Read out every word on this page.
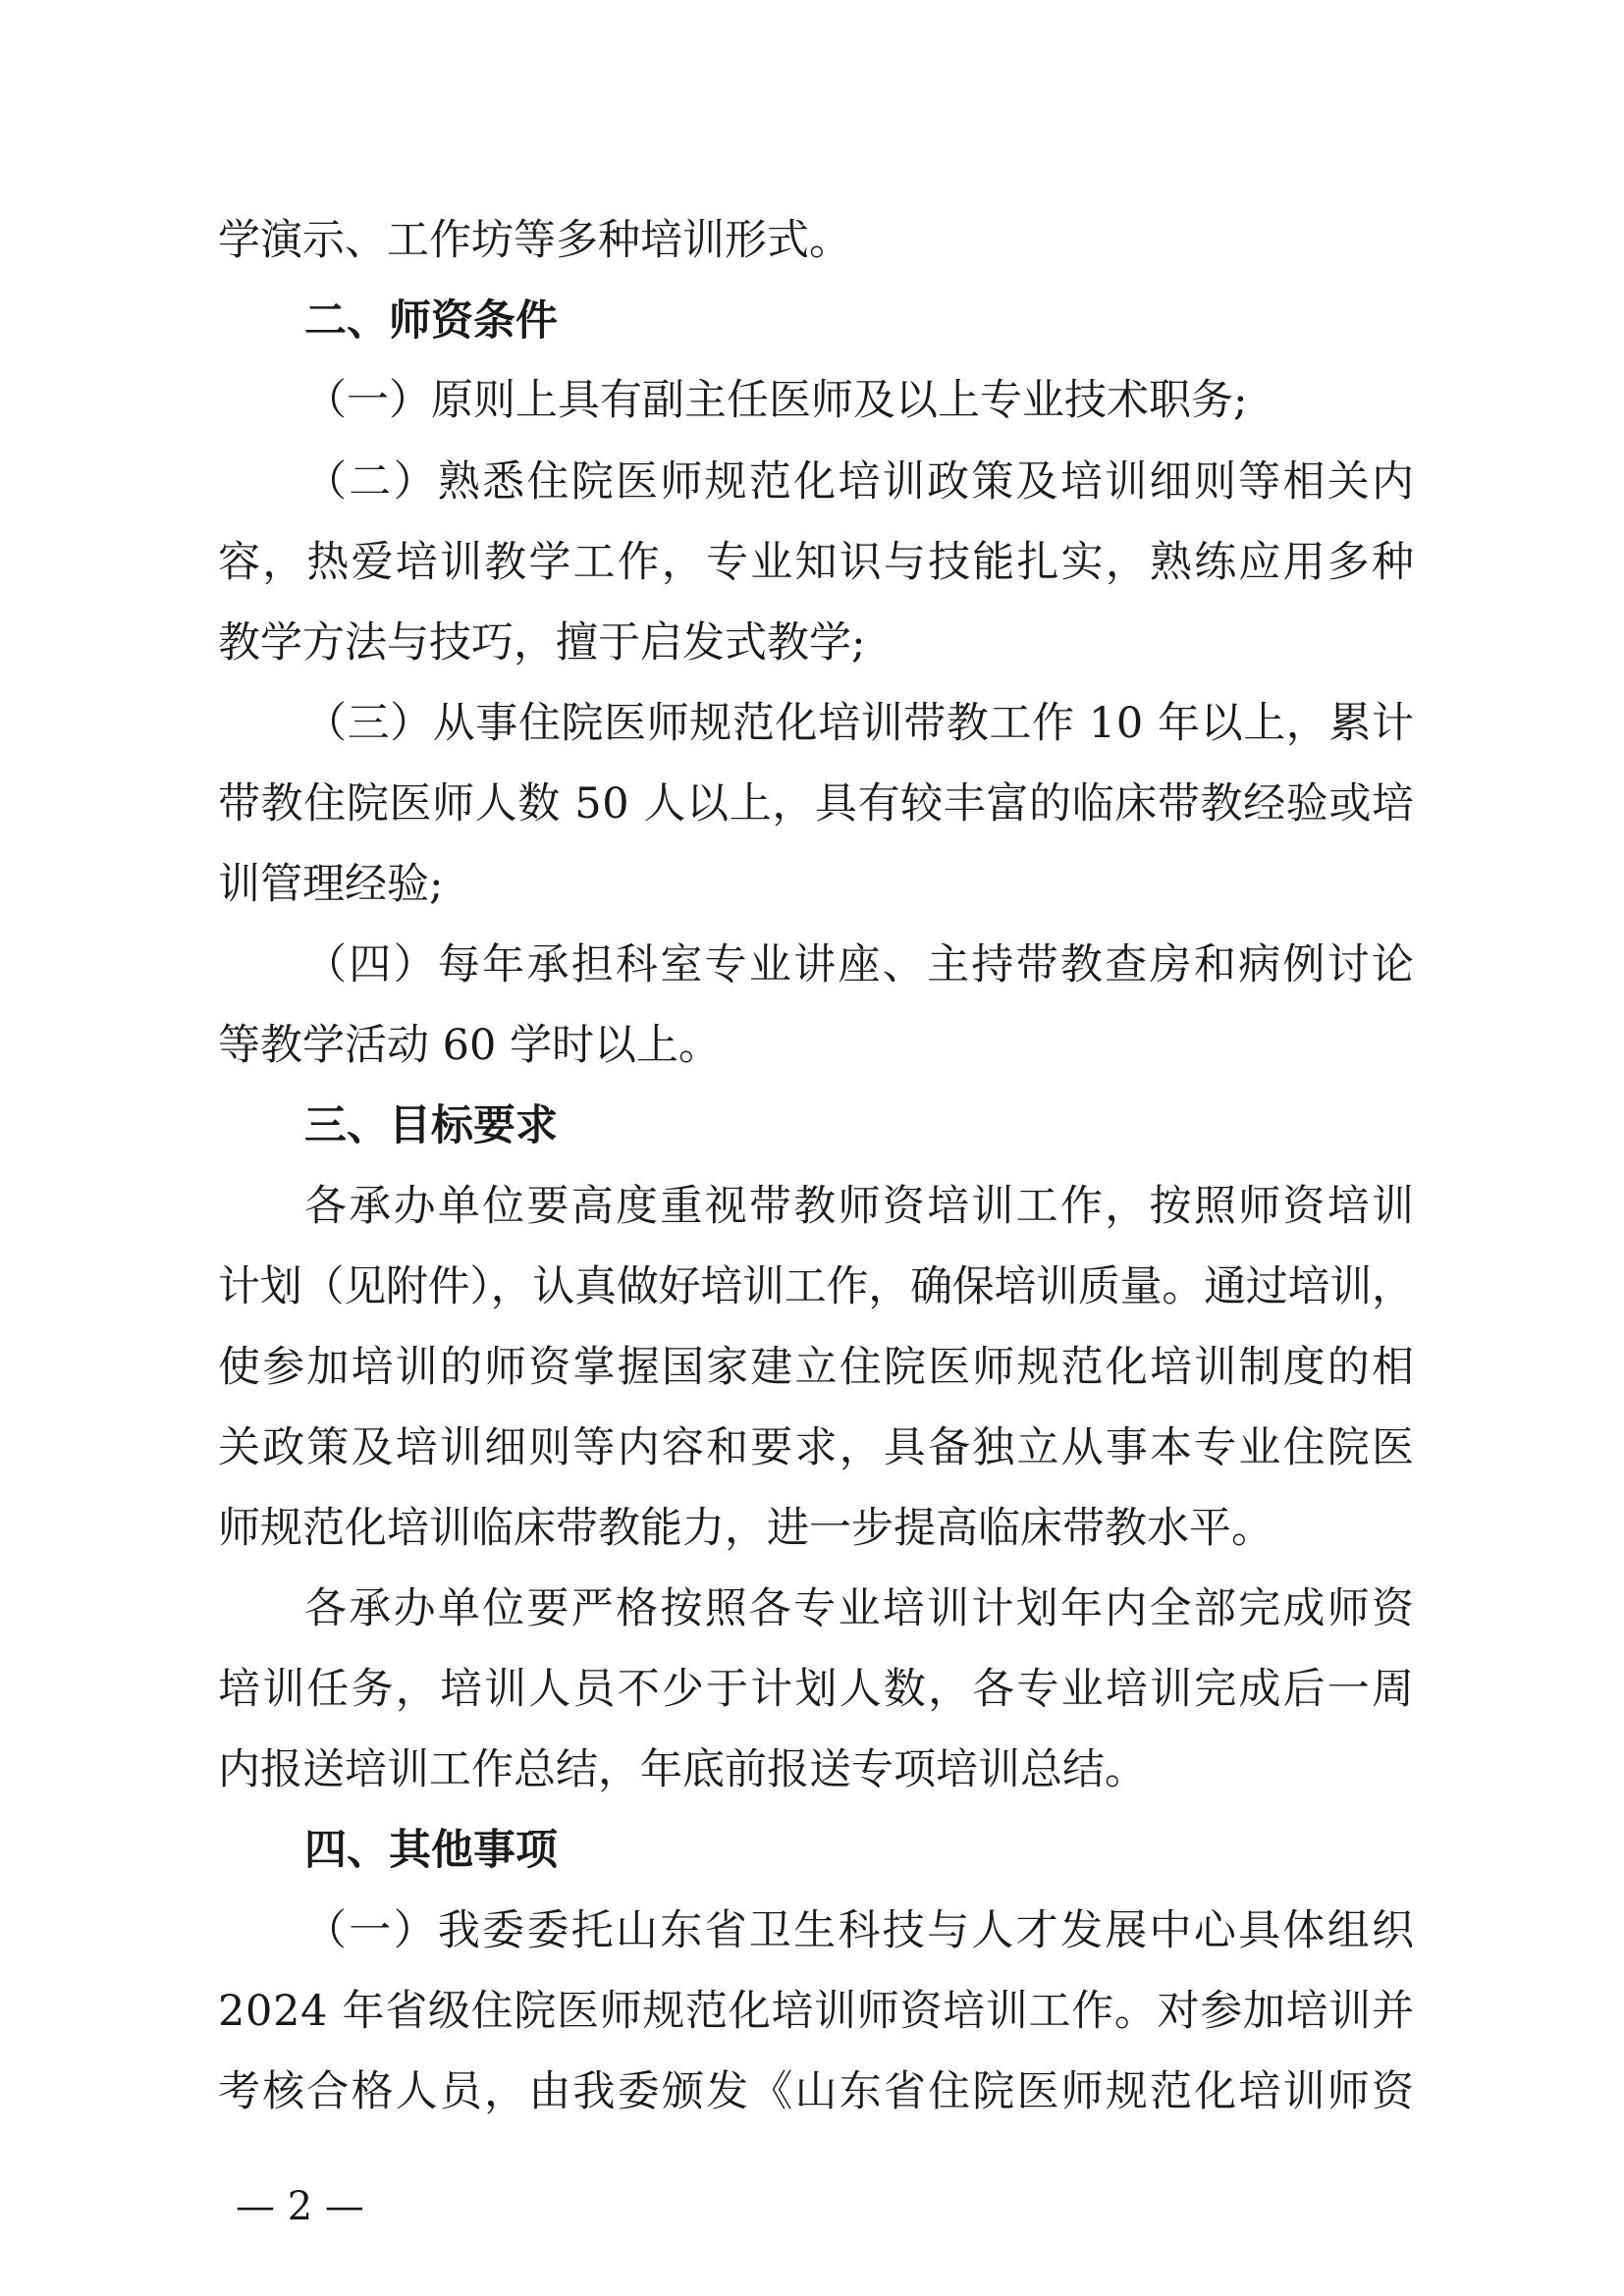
学演示、工作坊等多种培训形式。
二、师资条件
（一）原则上具有副主任医师及以上专业技术职务;
（二）熟悉住院医师规范化培训政策及培训细则等相关内
容，热爱培训教学工作，专业知识与技能扎实，熟练应用多种
教学方法与技巧，擅于启发式教学;
（三）从事住院医师规范化培训带教工作 10 年以上，累计
带教住院医师人数 50 人以上，具有较丰富的临床带教经验或培
训管理经验;
（四）每年承担科室专业讲座、主持带教查房和病例讨论
等教学活动 60 学时以上。
三、目标要求
各承办单位要高度重视带教师资培训工作，按照师资培训
计划（见附件），认真做好培训工作，确保培训质量。通过培训，
使参加培训的师资掌握国家建立住院医师规范化培训制度的相
关政策及培训细则等内容和要求，具备独立从事本专业住院医
师规范化培训临床带教能力，进一步提高临床带教水平。
各承办单位要严格按照各专业培训计划年内全部完成师资
培训任务，培训人员不少于计划人数，各专业培训完成后一周
内报送培训工作总结，年底前报送专项培训总结。
四、其他事项
（一）我委委托山东省卫生科技与人才发展中心具体组织
2024 年省级住院医师规范化培训师资培训工作。对参加培训并
考核合格人员，由我委颁发《山东省住院医师规范化培训师资
— 2 —
